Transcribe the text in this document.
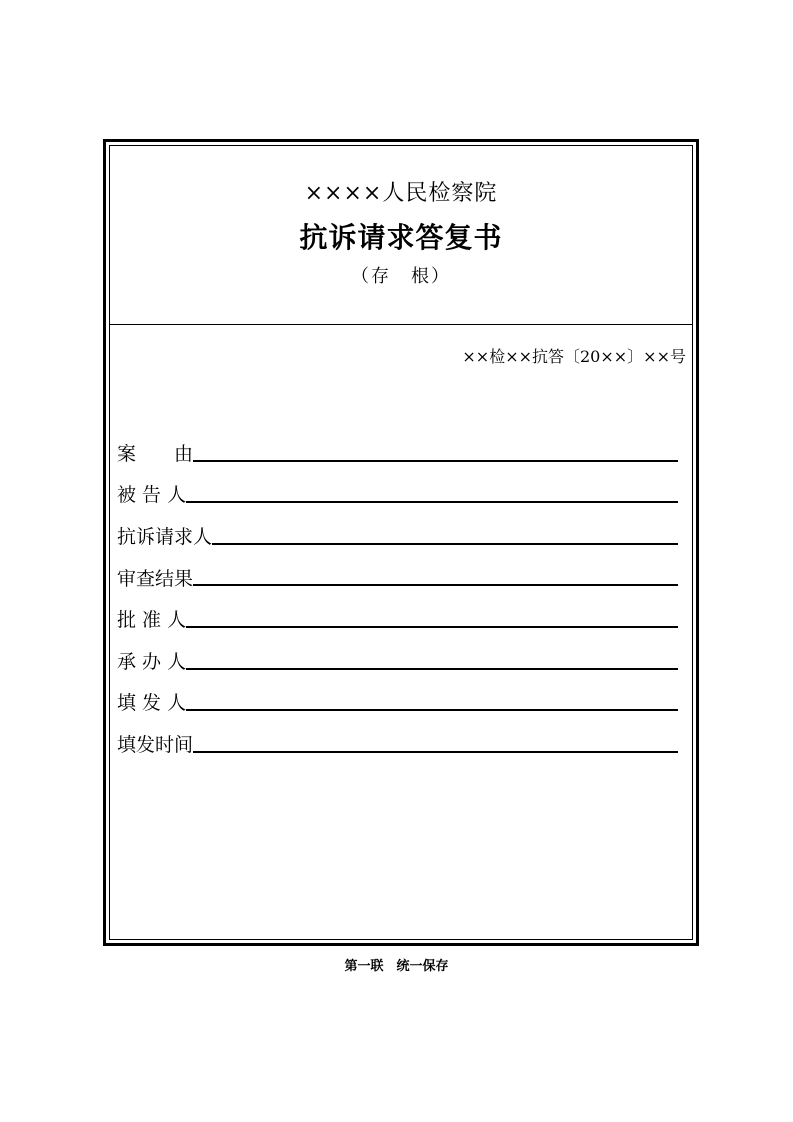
××××人民检察院
抗诉请求答复书
（存　根）
××检××抗答〔20××〕××号
案　　由
被 告 人
抗诉请求人
审查结果
批 准 人
承 办 人
填 发 人
填发时间
第一联　统一保存
